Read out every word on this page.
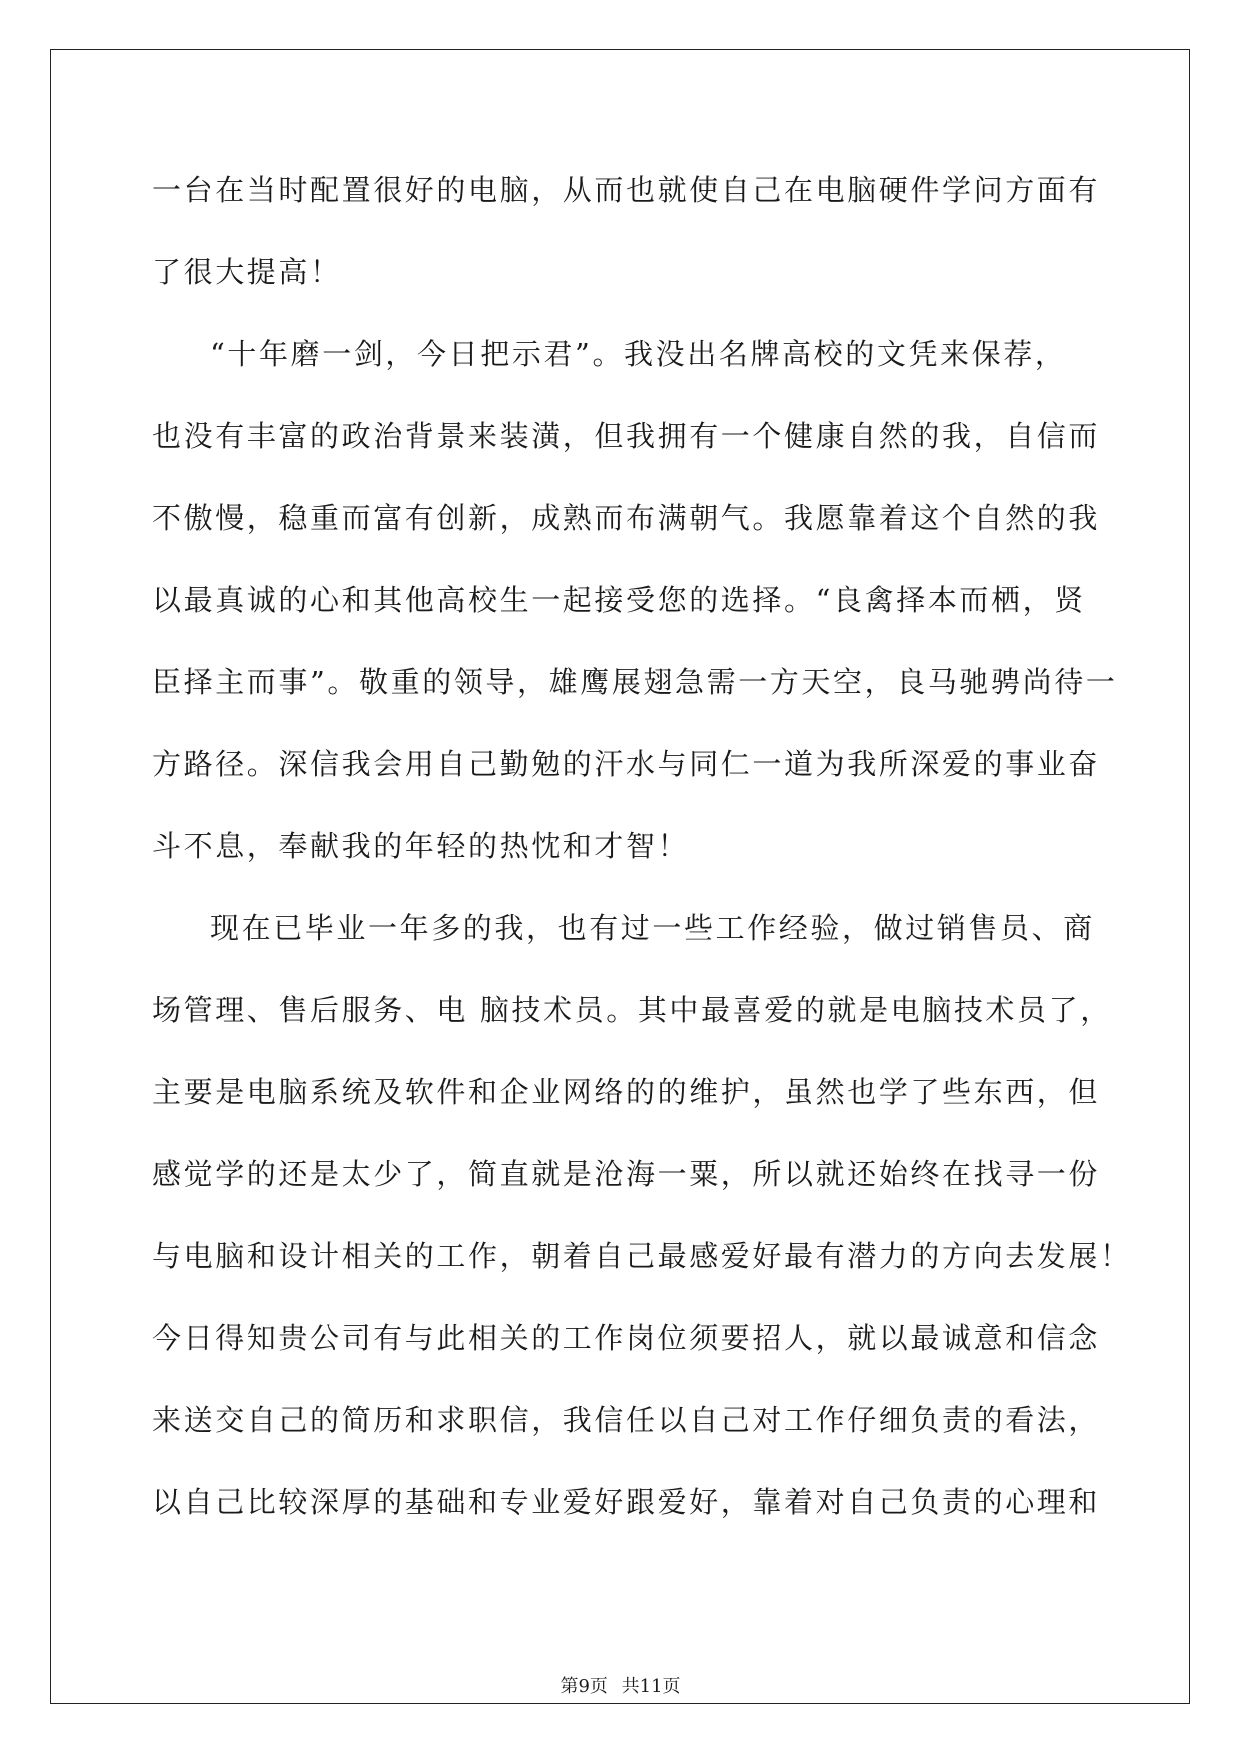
一台在当时配置很好的电脑，从而也就使自己在电脑硬件学问方面有
了很大提高！
“十年磨一剑，今日把示君”。我没出名牌高校的文凭来保荐，
也没有丰富的政治背景来装潢，但我拥有一个健康自然的我，自信而
不傲慢，稳重而富有创新，成熟而布满朝气。我愿靠着这个自然的我
以最真诚的心和其他高校生一起接受您的选择。“良禽择本而栖，贤
臣择主而事”。敬重的领导，雄鹰展翅急需一方天空，良马驰骋尚待一
方路径。深信我会用自己勤勉的汗水与同仁一道为我所深爱的事业奋
斗不息，奉献我的年轻的热忱和才智！
现在已毕业一年多的我，也有过一些工作经验，做过销售员、商
场管理、售后服务、电 脑技术员。其中最喜爱的就是电脑技术员了，
主要是电脑系统及软件和企业网络的的维护，虽然也学了些东西，但
感觉学的还是太少了，简直就是沧海一粟，所以就还始终在找寻一份
与电脑和设计相关的工作，朝着自己最感爱好最有潜力的方向去发展！
今日得知贵公司有与此相关的工作岗位须要招人，就以最诚意和信念
来送交自己的简历和求职信，我信任以自己对工作仔细负责的看法，
以自己比较深厚的基础和专业爱好跟爱好，靠着对自己负责的心理和
第9页 共11页
